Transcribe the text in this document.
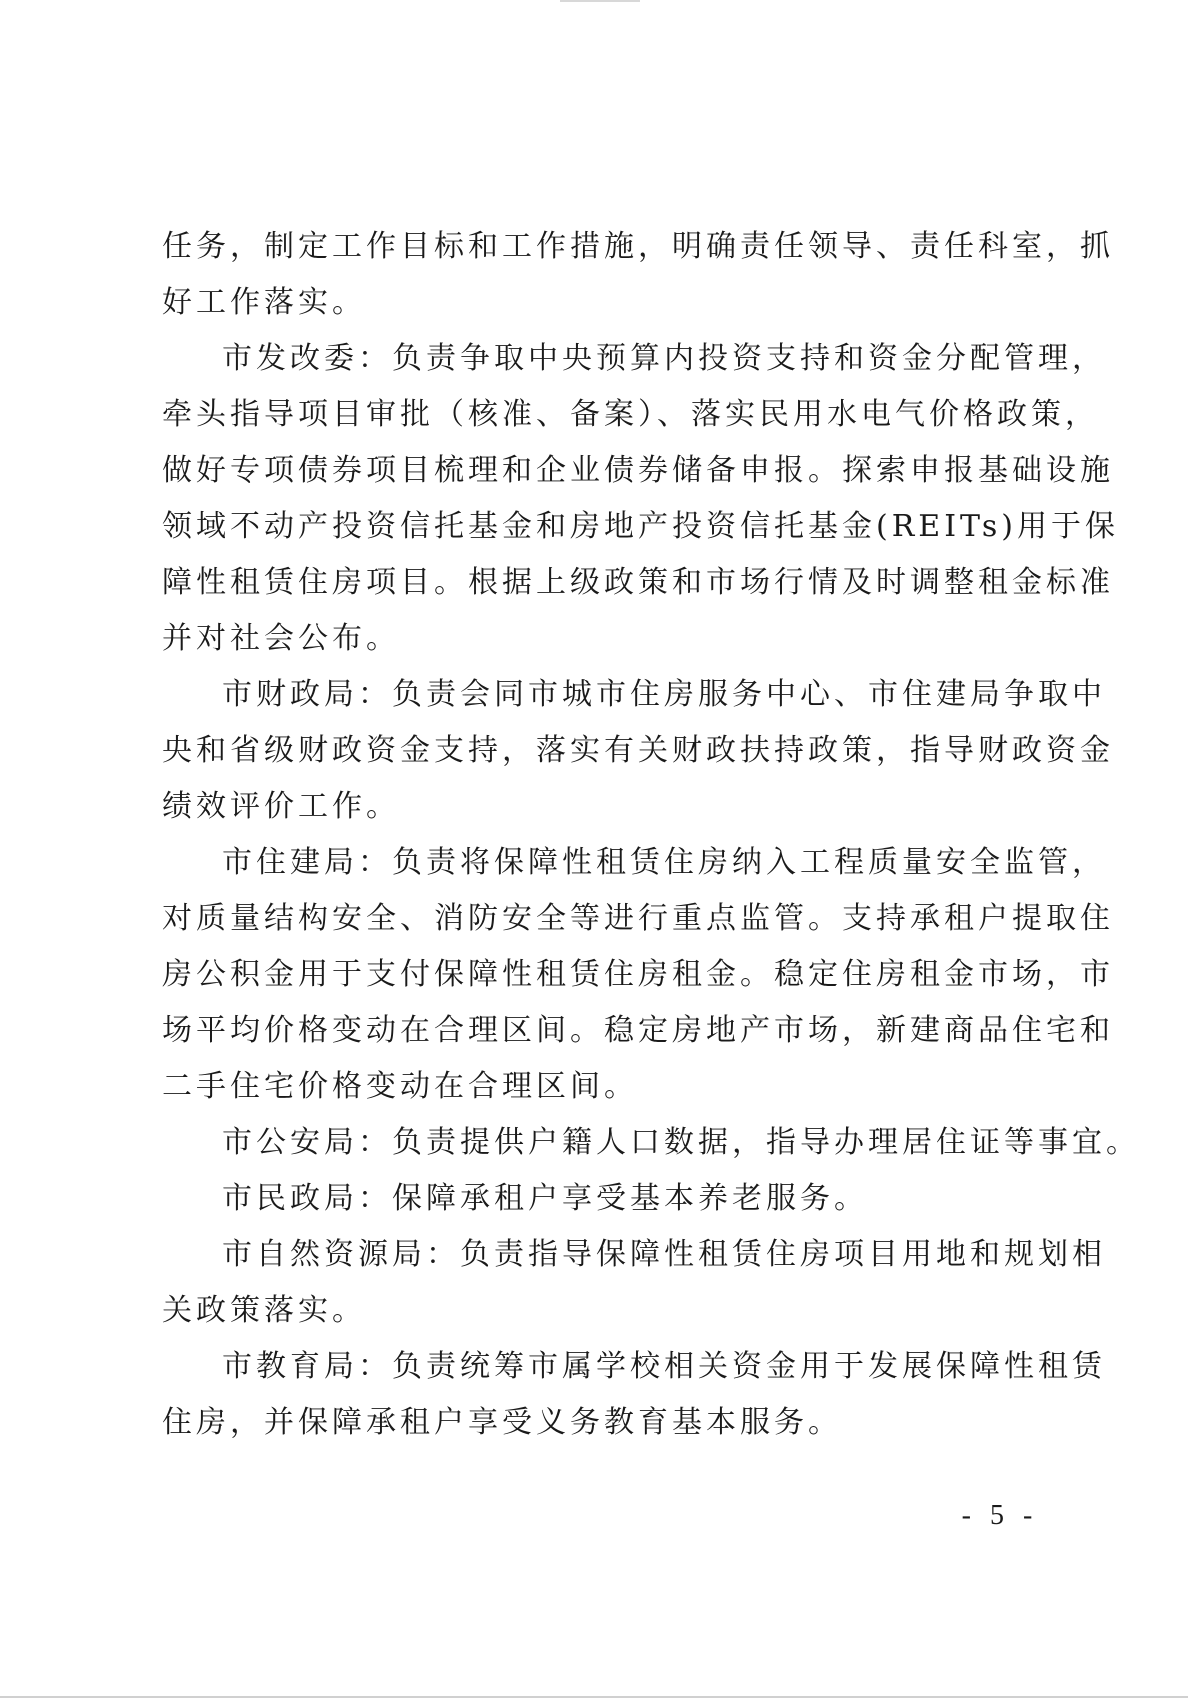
任务，制定工作目标和工作措施，明确责任领导、责任科室，抓
好工作落实。
市发改委：负责争取中央预算内投资支持和资金分配管理，
牵头指导项目审批（核准、备案）、落实民用水电气价格政策，
做好专项债券项目梳理和企业债券储备申报。探索申报基础设施
领域不动产投资信托基金和房地产投资信托基金(REITs)用于保
障性租赁住房项目。根据上级政策和市场行情及时调整租金标准
并对社会公布。
市财政局：负责会同市城市住房服务中心、市住建局争取中
央和省级财政资金支持，落实有关财政扶持政策，指导财政资金
绩效评价工作。
市住建局：负责将保障性租赁住房纳入工程质量安全监管，
对质量结构安全、消防安全等进行重点监管。支持承租户提取住
房公积金用于支付保障性租赁住房租金。稳定住房租金市场，市
场平均价格变动在合理区间。稳定房地产市场，新建商品住宅和
二手住宅价格变动在合理区间。
市公安局：负责提供户籍人口数据，指导办理居住证等事宜。
市民政局：保障承租户享受基本养老服务。
市自然资源局：负责指导保障性租赁住房项目用地和规划相
关政策落实。
市教育局：负责统筹市属学校相关资金用于发展保障性租赁
住房，并保障承租户享受义务教育基本服务。
- 5 -
